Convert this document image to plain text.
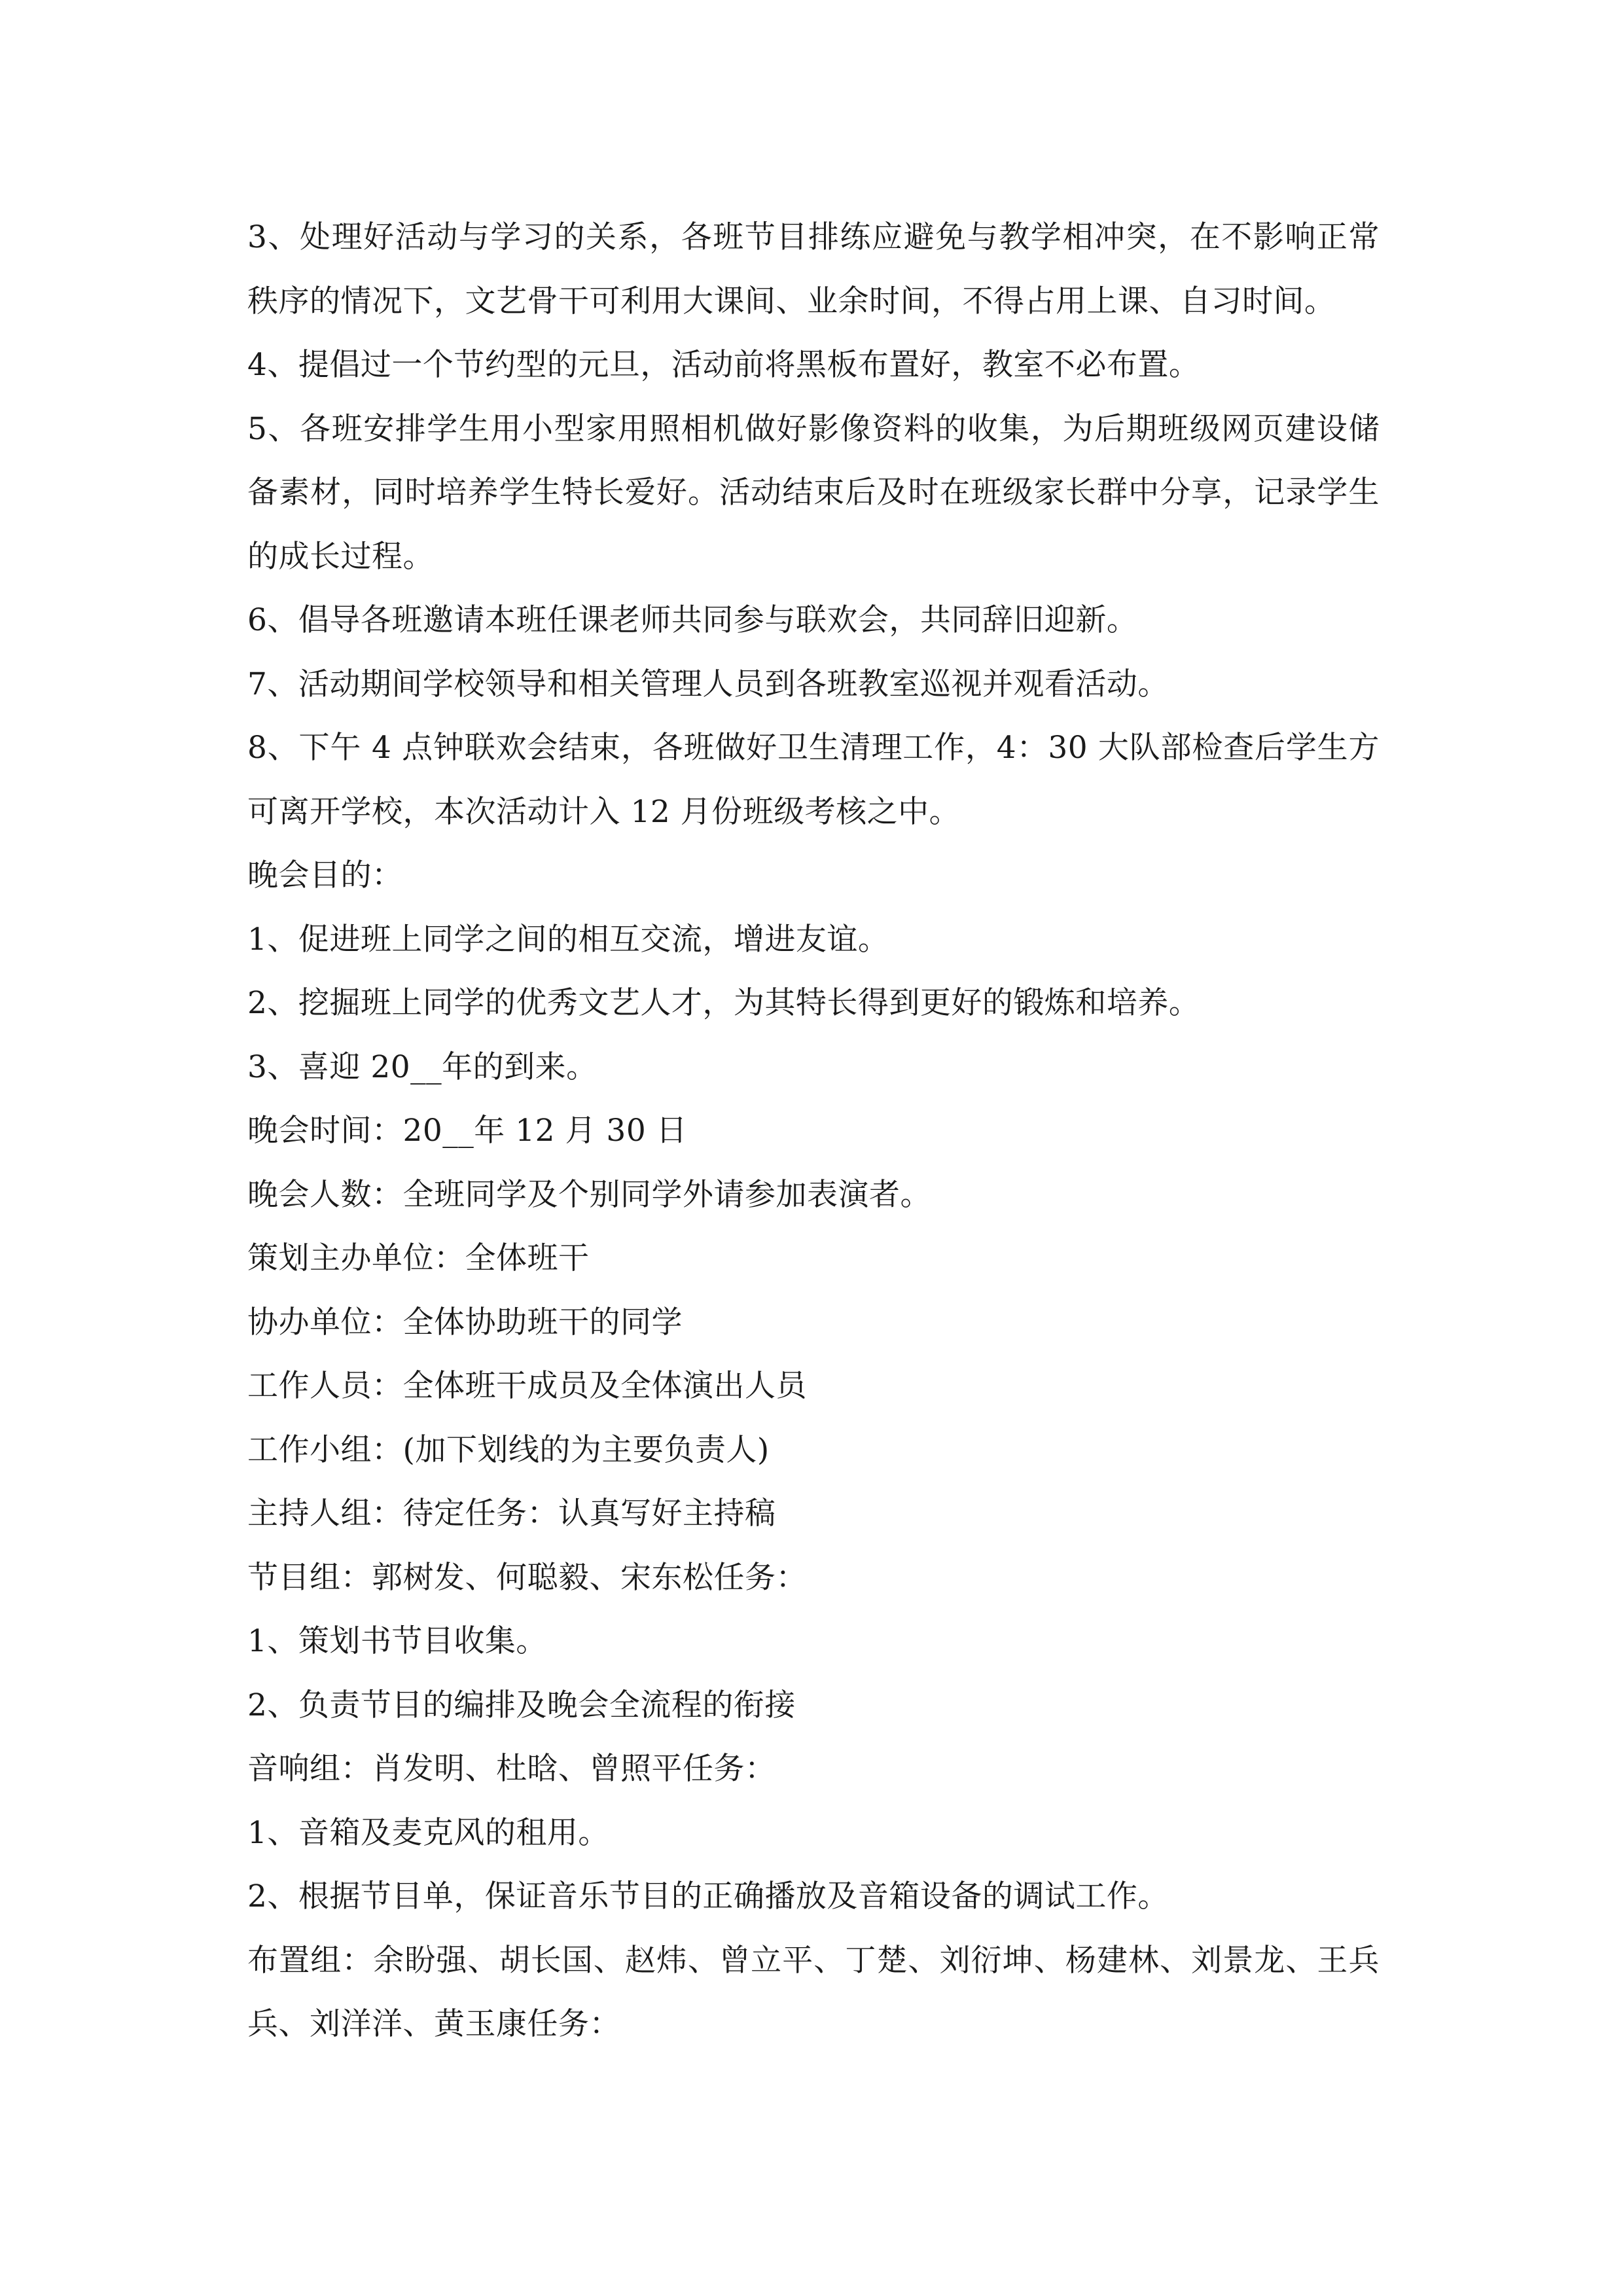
3、处理好活动与学习的关系，各班节目排练应避免与教学相冲突，在不影响正常秩序的情况下，文艺骨干可利用大课间、业余时间，不得占用上课、自习时间。

4、提倡过一个节约型的元旦，活动前将黑板布置好，教室不必布置。

5、各班安排学生用小型家用照相机做好影像资料的收集，为后期班级网页建设储备素材，同时培养学生特长爱好。活动结束后及时在班级家长群中分享，记录学生的成长过程。

6、倡导各班邀请本班任课老师共同参与联欢会，共同辞旧迎新。

7、活动期间学校领导和相关管理人员到各班教室巡视并观看活动。

8、下午 4 点钟联欢会结束，各班做好卫生清理工作，4：30 大队部检查后学生方可离开学校，本次活动计入 12 月份班级考核之中。

晚会目的：

1、促进班上同学之间的相互交流，增进友谊。

2、挖掘班上同学的优秀文艺人才，为其特长得到更好的锻炼和培养。

3、喜迎 20__年的到来。

晚会时间：20__年 12 月 30 日

晚会人数：全班同学及个别同学外请参加表演者。

策划主办单位：全体班干

协办单位：全体协助班干的同学

工作人员：全体班干成员及全体演出人员

工作小组：(加下划线的为主要负责人)

主持人组：待定任务：认真写好主持稿

节目组：郭树发、何聪毅、宋东松任务：

1、策划书节目收集。

2、负责节目的编排及晚会全流程的衔接

音响组：肖发明、杜晗、曾照平任务：

1、音箱及麦克风的租用。

2、根据节目单，保证音乐节目的正确播放及音箱设备的调试工作。

布置组：余盼强、胡长国、赵炜、曾立平、丁楚、刘衍坤、杨建林、刘景龙、王兵兵、刘洋洋、黄玉康任务：
